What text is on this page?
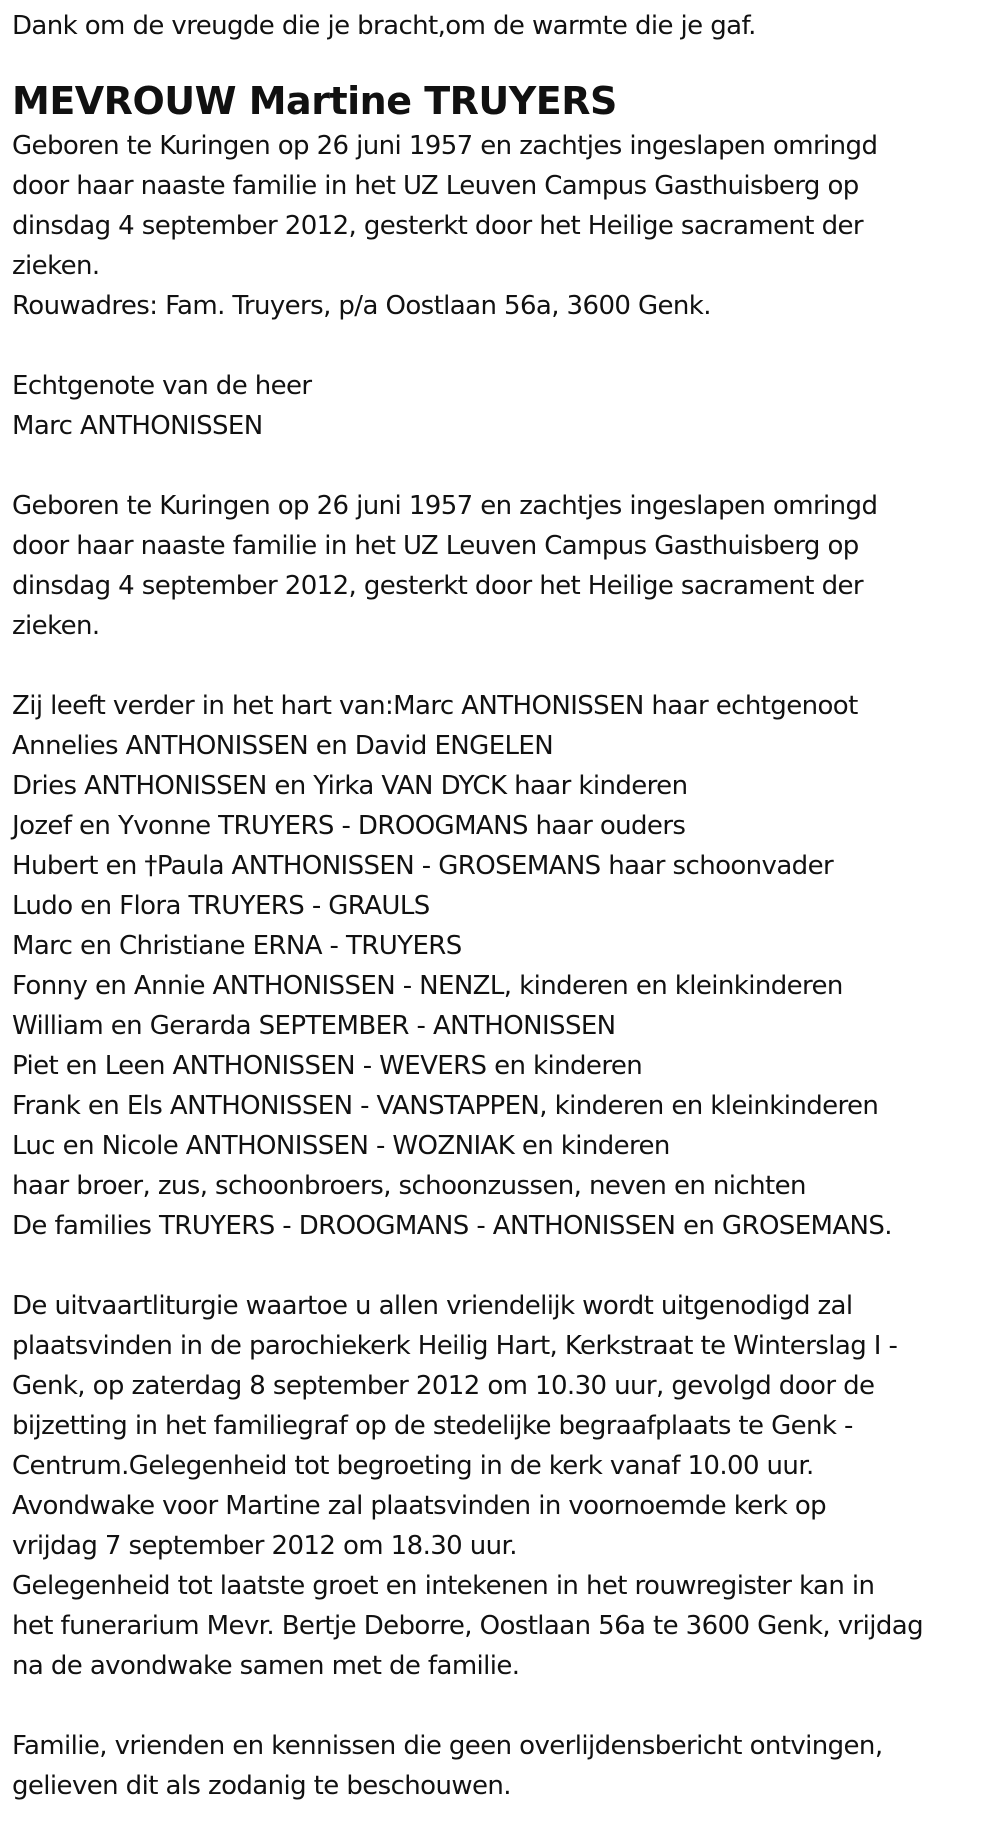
Dank om de vreugde die je bracht,om de warmte die je gaf.
MEVROUW Martine TRUYERS
Geboren te Kuringen op 26 juni 1957 en zachtjes ingeslapen omringd
door haar naaste familie in het UZ Leuven Campus Gasthuisberg op
dinsdag 4 september 2012, gesterkt door het Heilige sacrament der
zieken.
Rouwadres: Fam. Truyers, p/a Oostlaan 56a, 3600 Genk.
Echtgenote van de heer
Marc ANTHONISSEN
Geboren te Kuringen op 26 juni 1957 en zachtjes ingeslapen omringd
door haar naaste familie in het UZ Leuven Campus Gasthuisberg op
dinsdag 4 september 2012, gesterkt door het Heilige sacrament der
zieken.
Zij leeft verder in het hart van:Marc ANTHONISSEN haar echtgenoot
Annelies ANTHONISSEN en David ENGELEN
Dries ANTHONISSEN en Yirka VAN DYCK haar kinderen
Jozef en Yvonne TRUYERS - DROOGMANS haar ouders
Hubert en †Paula ANTHONISSEN - GROSEMANS haar schoonvader
Ludo en Flora TRUYERS - GRAULS
Marc en Christiane ERNA - TRUYERS
Fonny en Annie ANTHONISSEN - NENZL, kinderen en kleinkinderen
William en Gerarda SEPTEMBER - ANTHONISSEN
Piet en Leen ANTHONISSEN - WEVERS en kinderen
Frank en Els ANTHONISSEN - VANSTAPPEN, kinderen en kleinkinderen
Luc en Nicole ANTHONISSEN - WOZNIAK en kinderen
haar broer, zus, schoonbroers, schoonzussen, neven en nichten
De families TRUYERS - DROOGMANS - ANTHONISSEN en GROSEMANS.
De uitvaartliturgie waartoe u allen vriendelijk wordt uitgenodigd zal
plaatsvinden in de parochiekerk Heilig Hart, Kerkstraat te Winterslag I -
Genk, op zaterdag 8 september 2012 om 10.30 uur, gevolgd door de
bijzetting in het familiegraf op de stedelijke begraafplaats te Genk -
Centrum.Gelegenheid tot begroeting in de kerk vanaf 10.00 uur.
Avondwake voor Martine zal plaatsvinden in voornoemde kerk op
vrijdag 7 september 2012 om 18.30 uur.
Gelegenheid tot laatste groet en intekenen in het rouwregister kan in
het funerarium Mevr. Bertje Deborre, Oostlaan 56a te 3600 Genk, vrijdag
na de avondwake samen met de familie.
Familie, vrienden en kennissen die geen overlijdensbericht ontvingen,
gelieven dit als zodanig te beschouwen.
